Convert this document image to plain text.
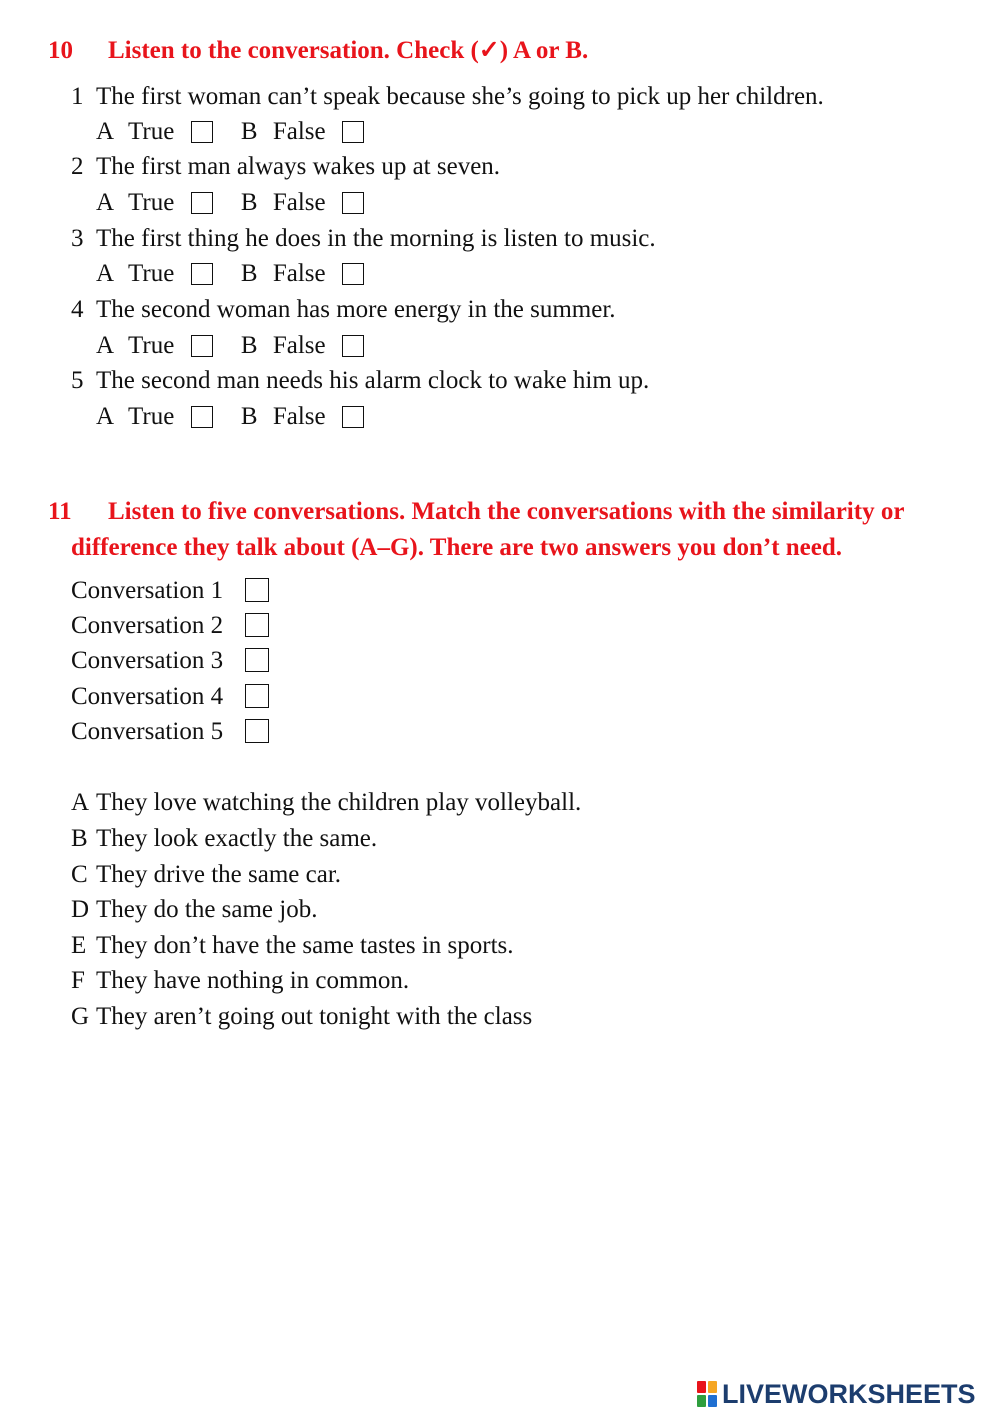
10 Listen to the conversation. Check (✓) A or B.
1 The first woman can’t speak because she’s going to pick up her children.
A True	B False
2 The first man always wakes up at seven.
A True	B False
3 The first thing he does in the morning is listen to music.
A True	B False
4 The second woman has more energy in the summer.
A True	B False
5 The second man needs his alarm clock to wake him up.
A True	B False
11 Listen to five conversations. Match the conversations with the similarity or
difference they talk about (A–G). There are two answers you don’t need.
Conversation 1
Conversation 2
Conversation 3
Conversation 4
Conversation 5
A They love watching the children play volleyball.
B They look exactly the same.
C They drive the same car.
D They do the same job.
E They don’t have the same tastes in sports.
F They have nothing in common.
G They aren’t going out tonight with the class
LIVEWORKSHEETS
